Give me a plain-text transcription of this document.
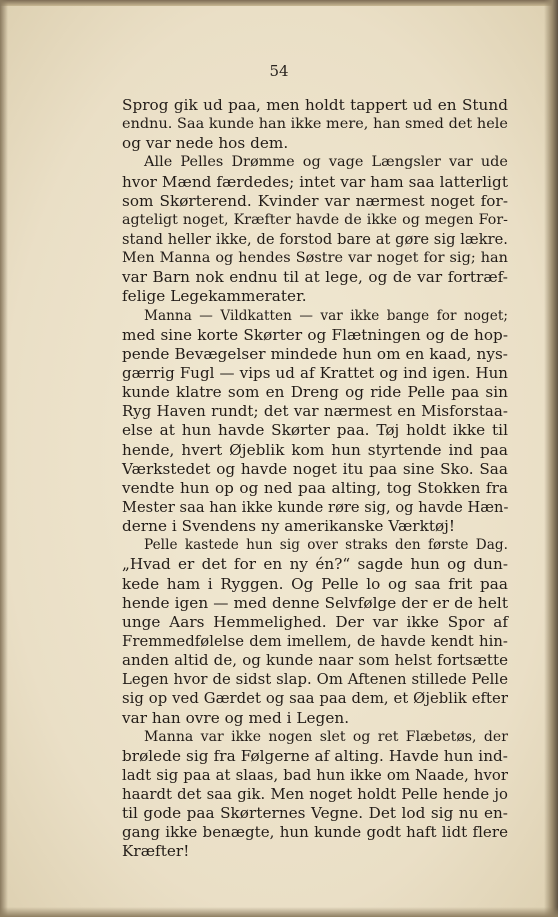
54
Sprog gik ud paa, men holdt tappert ud en Stund
endnu. Saa kunde han ikke mere, han smed det hele
og var nede hos dem.
Alle Pelles Drømme og vage Længsler var ude
hvor Mænd færdedes; intet var ham saa latterligt
som Skørterend. Kvinder var nærmest noget for-
agteligt noget, Kræfter havde de ikke og megen For-
stand heller ikke, de forstod bare at gøre sig lækre.
Men Manna og hendes Søstre var noget for sig; han
var Barn nok endnu til at lege, og de var fortræf-
felige Legekammerater.
Manna — Vildkatten — var ikke bange for noget;
med sine korte Skørter og Flætningen og de hop-
pende Bevægelser mindede hun om en kaad, nys-
gærrig Fugl — vips ud af Krattet og ind igen. Hun
kunde klatre som en Dreng og ride Pelle paa sin
Ryg Haven rundt; det var nærmest en Misforstaa-
else at hun havde Skørter paa. Tøj holdt ikke til
hende, hvert Øjeblik kom hun styrtende ind paa
Værkstedet og havde noget itu paa sine Sko. Saa
vendte hun op og ned paa alting, tog Stokken fra
Mester saa han ikke kunde røre sig, og havde Hæn-
derne i Svendens ny amerikanske Værktøj!
Pelle kastede hun sig over straks den første Dag.
„Hvad er det for en ny én?“ sagde hun og dun-
kede ham i Ryggen. Og Pelle lo og saa frit paa
hende igen — med denne Selvfølge der er de helt
unge Aars Hemmelighed. Der var ikke Spor af
Fremmedfølelse dem imellem, de havde kendt hin-
anden altid de, og kunde naar som helst fortsætte
Legen hvor de sidst slap. Om Aftenen stillede Pelle
sig op ved Gærdet og saa paa dem, et Øjeblik efter
var han ovre og med i Legen.
Manna var ikke nogen slet og ret Flæbetøs, der
brølede sig fra Følgerne af alting. Havde hun ind-
ladt sig paa at slaas, bad hun ikke om Naade, hvor
haardt det saa gik. Men noget holdt Pelle hende jo
til gode paa Skørternes Vegne. Det lod sig nu en-
gang ikke benægte, hun kunde godt haft lidt flere
Kræfter!
